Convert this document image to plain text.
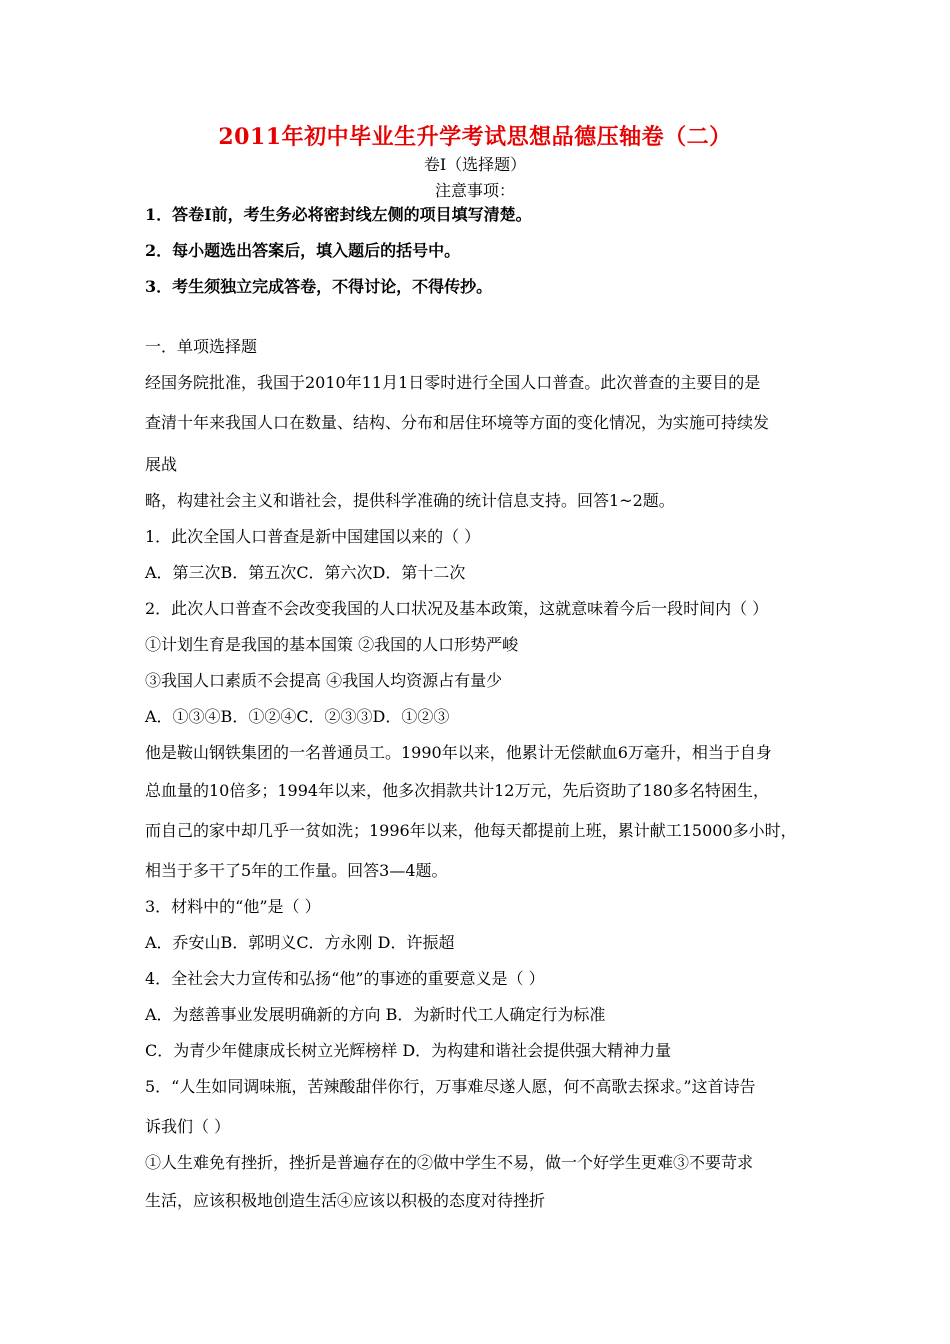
2011年初中毕业生升学考试思想品德压轴卷（二）
卷Ⅰ（选择题）
注意事项：
1．答卷Ⅰ前，考生务必将密封线左侧的项目填写清楚。
2．每小题选出答案后，填入题后的括号中。
3．考生须独立完成答卷，不得讨论，不得传抄。
一．单项选择题
经国务院批准，我国于2010年11月1日零时进行全国人口普查。此次普查的主要目的是
查清十年来我国人口在数量、结构、分布和居住环境等方面的变化情况，为实施可持续发
展战
略，构建社会主义和谐社会，提供科学准确的统计信息支持。回答1~2题。
1．此次全国人口普查是新中国建国以来的（ ）
A．第三次B．第五次C．第六次D．第十二次
2．此次人口普查不会改变我国的人口状况及基本政策，这就意味着今后一段时间内（ ）
①计划生育是我国的基本国策 ②我国的人口形势严峻
③我国人口素质不会提高 ④我国人均资源占有量少
A．①③④B．①②④C．②③③D．①②③
他是鞍山钢铁集团的一名普通员工。1990年以来，他累计无偿献血6万毫升，相当于自身
总血量的10倍多；1994年以来，他多次捐款共计12万元，先后资助了180多名特困生，
而自己的家中却几乎一贫如洗；1996年以来，他每天都提前上班，累计献工15000多小时，
相当于多干了5年的工作量。回答3—4题。
3．材料中的“他”是（ ）
A．乔安山B．郭明义C．方永刚 D．许振超
4．全社会大力宣传和弘扬“他”的事迹的重要意义是（ ）
A．为慈善事业发展明确新的方向 B．为新时代工人确定行为标准
C．为青少年健康成长树立光辉榜样 D．为构建和谐社会提供强大精神力量
5．“人生如同调味瓶，苦辣酸甜伴你行，万事难尽遂人愿，何不高歌去探求。”这首诗告
诉我们（ ）
①人生难免有挫折，挫折是普遍存在的②做中学生不易，做一个好学生更难③不要苛求
生活，应该积极地创造生活④应该以积极的态度对待挫折
